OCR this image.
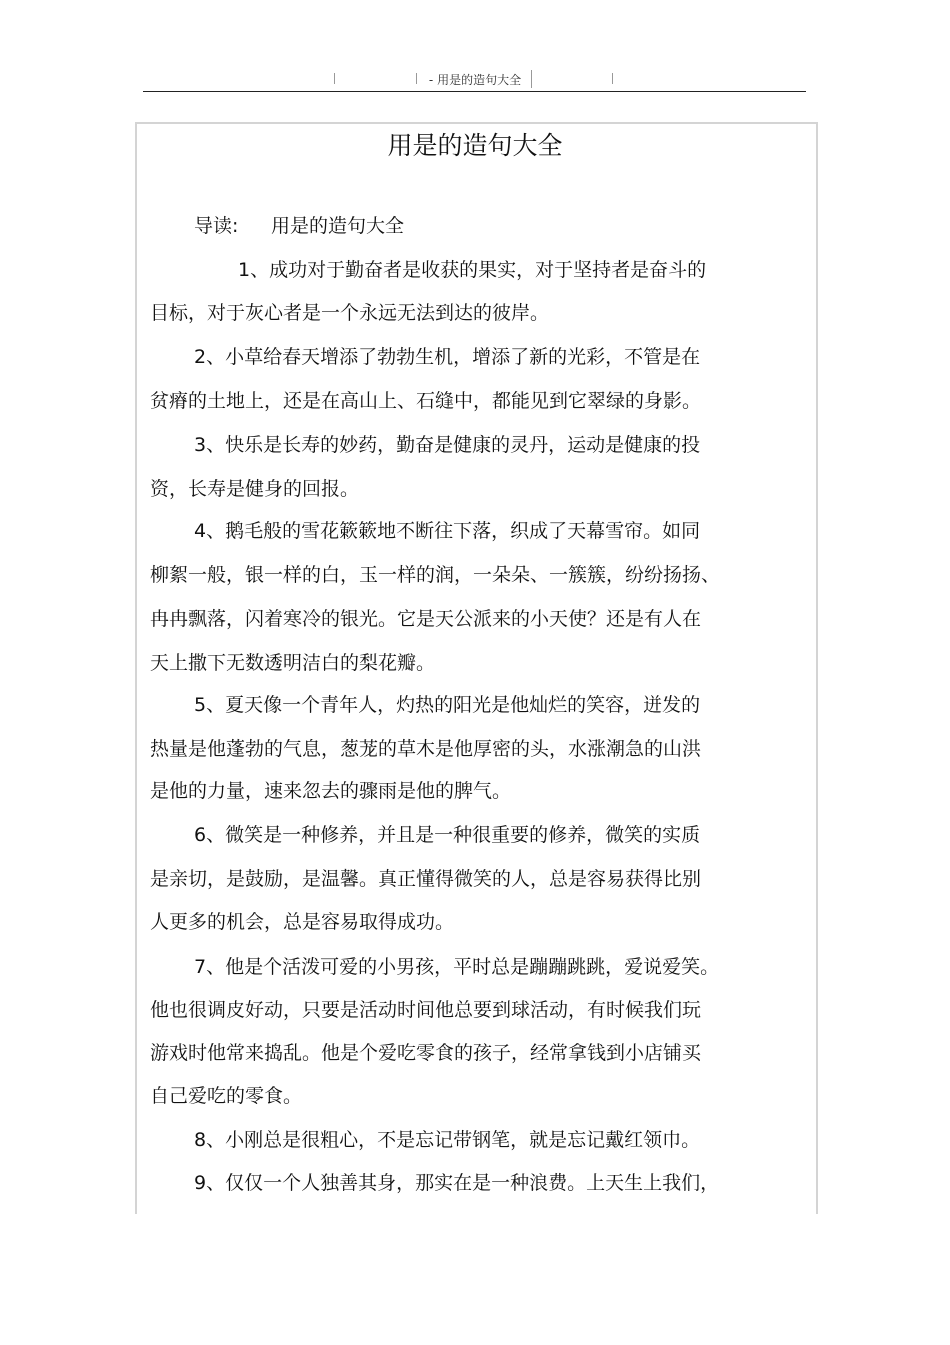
- 用是的造句大全
用是的造句大全
导读: 用是的造句大全
1、成功对于勤奋者是收获的果实，对于坚持者是奋斗的
目标，对于灰心者是一个永远无法到达的彼岸。
2、小草给春天增添了勃勃生机，增添了新的光彩，不管是在
贫瘠的土地上，还是在高山上、石缝中，都能见到它翠绿的身影。
3、快乐是长寿的妙药，勤奋是健康的灵丹，运动是健康的投
资，长寿是健身的回报。
4、鹅毛般的雪花簌簌地不断往下落，织成了天幕雪帘。如同
柳絮一般，银一样的白，玉一样的润，一朵朵、一簇簇，纷纷扬扬、
冉冉飘落，闪着寒冷的银光。它是天公派来的小天使？还是有人在
天上撒下无数透明洁白的梨花瓣。
5、夏天像一个青年人，灼热的阳光是他灿烂的笑容，迸发的
热量是他蓬勃的气息，葱茏的草木是他厚密的头，水涨潮急的山洪
是他的力量，速来忽去的骤雨是他的脾气。
6、微笑是一种修养，并且是一种很重要的修养，微笑的实质
是亲切，是鼓励，是温馨。真正懂得微笑的人，总是容易获得比别
人更多的机会，总是容易取得成功。
7、他是个活泼可爱的小男孩，平时总是蹦蹦跳跳，爱说爱笑。
他也很调皮好动，只要是活动时间他总要到球活动，有时候我们玩
游戏时他常来捣乱。他是个爱吃零食的孩子，经常拿钱到小店铺买
自己爱吃的零食。
8、小刚总是很粗心，不是忘记带钢笔，就是忘记戴红领巾。
9、仅仅一个人独善其身，那实在是一种浪费。上天生上我们，
